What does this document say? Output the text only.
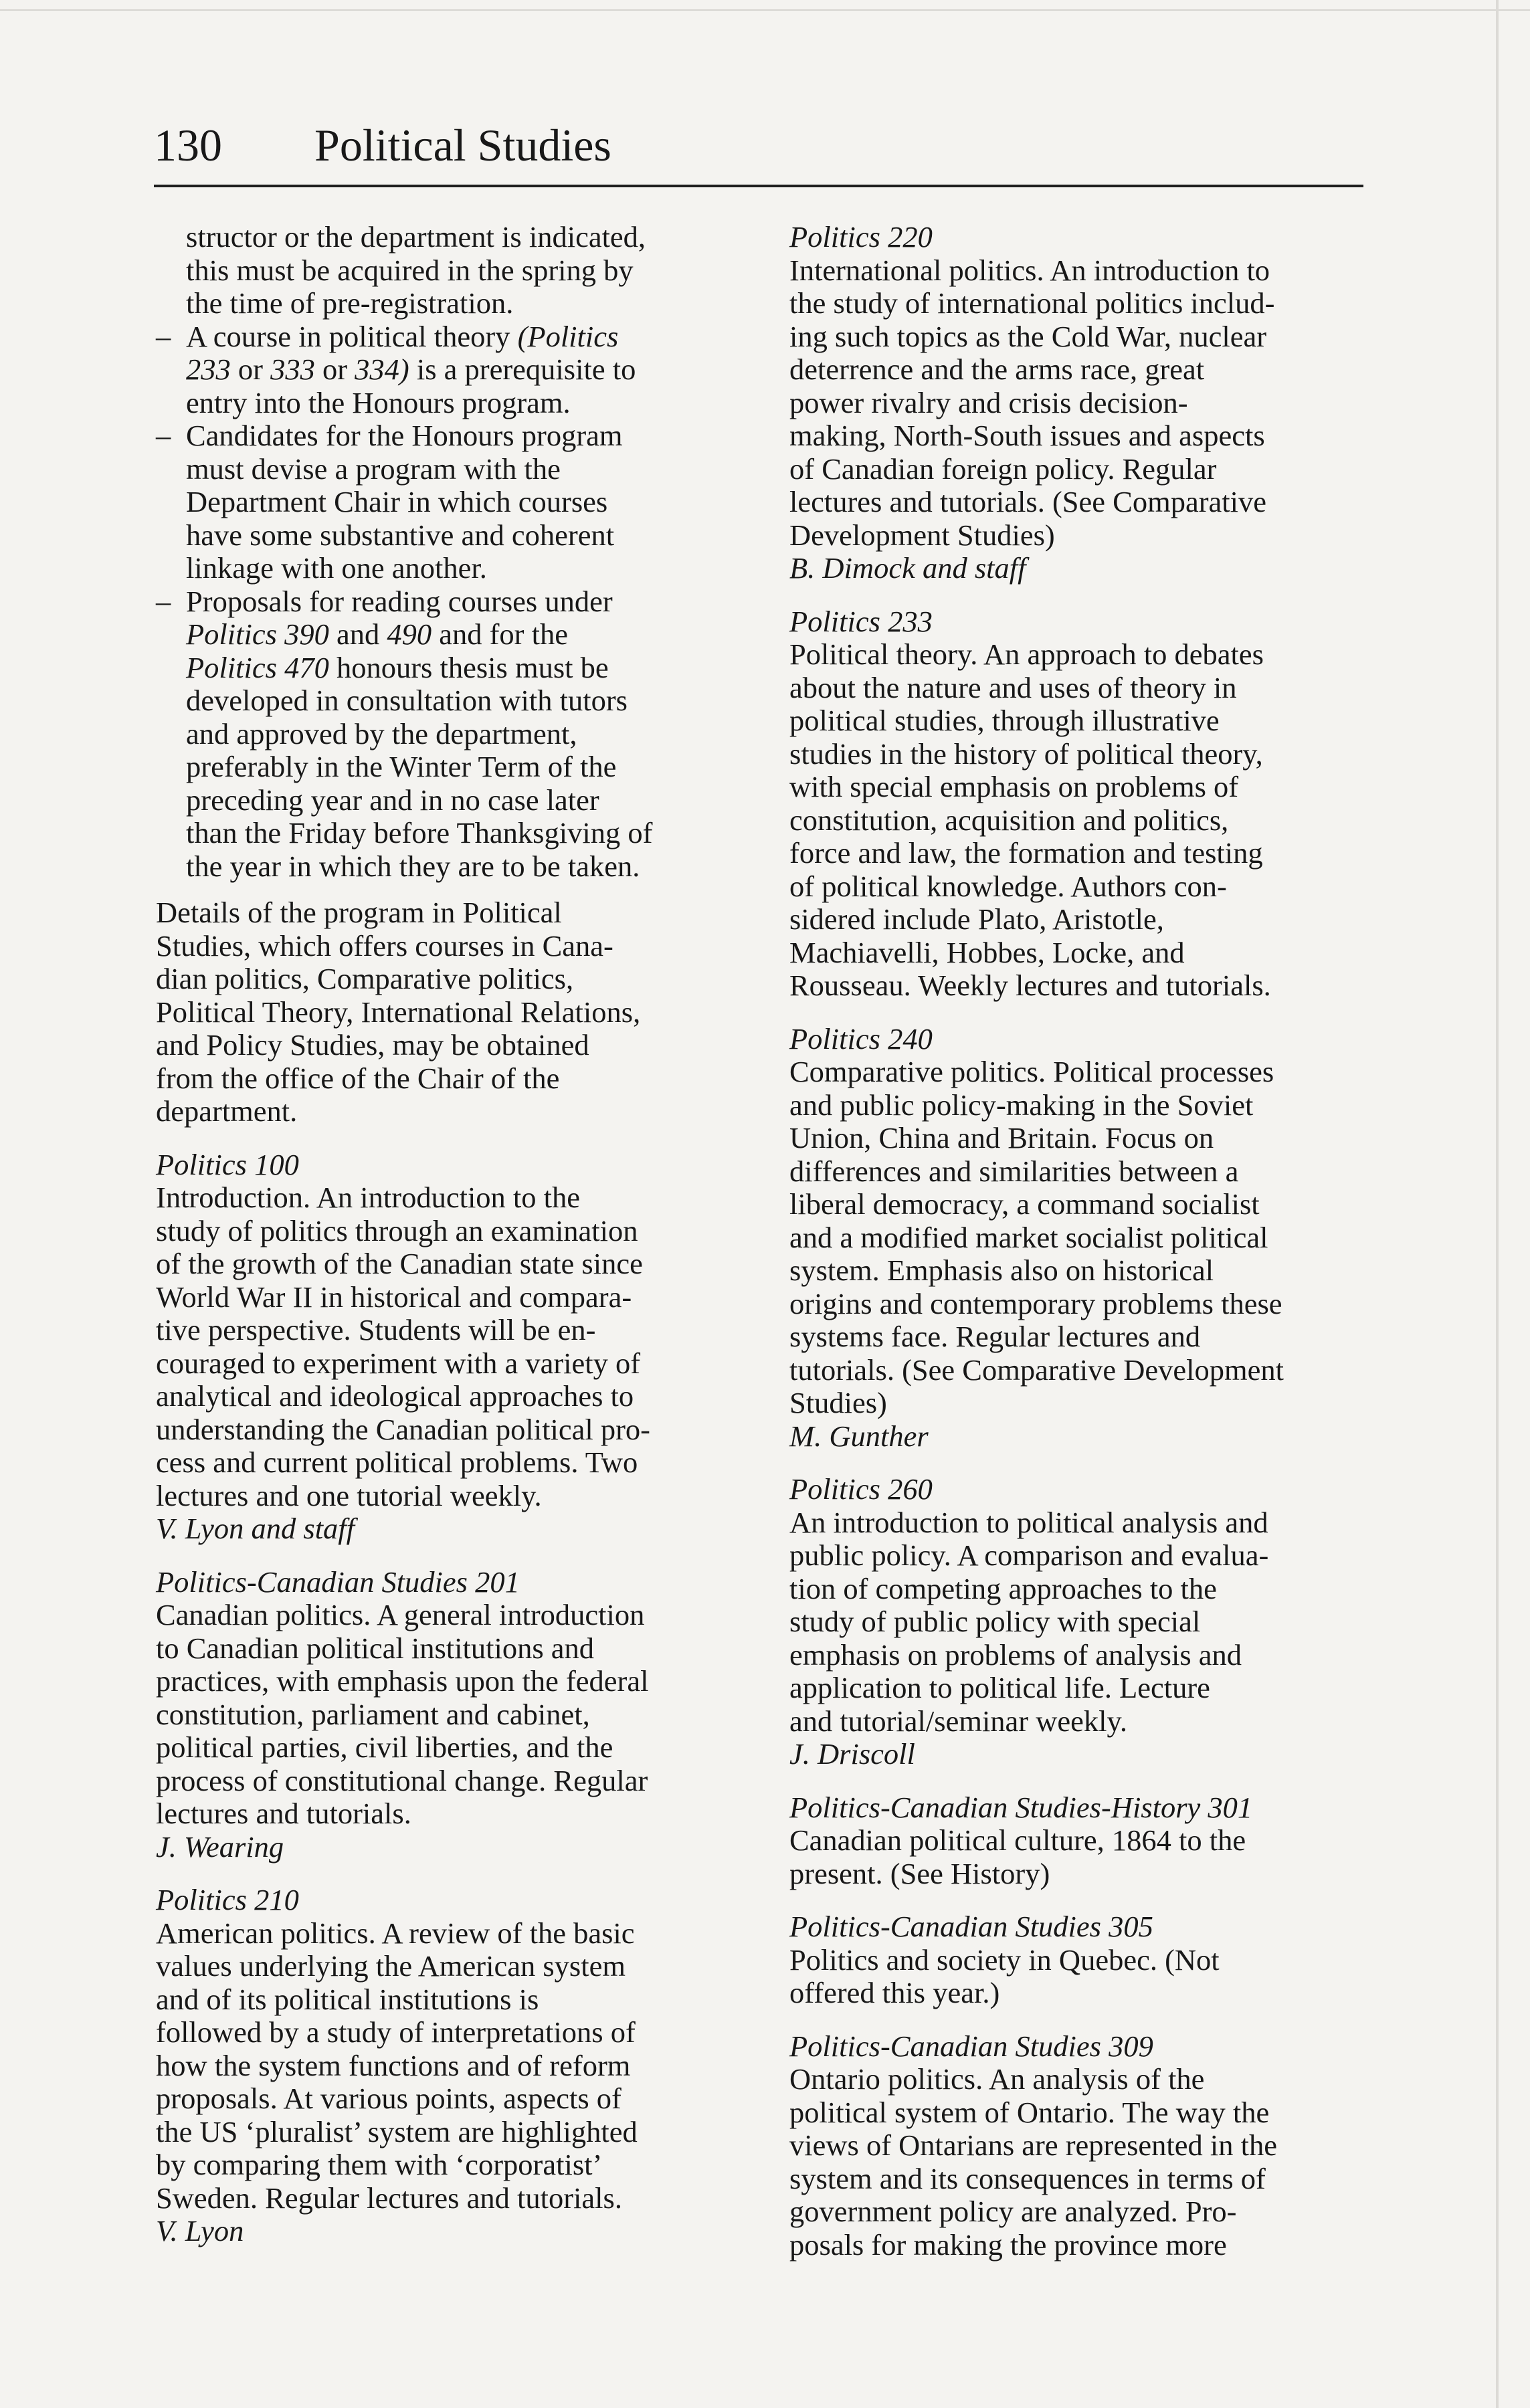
130 Political Studies
structor or the department is indicated,
this must be acquired in the spring by
the time of pre-registration.
– A course in political theory (Politics
233 or 333 or 334) is a prerequisite to
entry into the Honours program.
– Candidates for the Honours program
must devise a program with the
Department Chair in which courses
have some substantive and coherent
linkage with one another.
– Proposals for reading courses under
Politics 390 and 490 and for the
Politics 470 honours thesis must be
developed in consultation with tutors
and approved by the department,
preferably in the Winter Term of the
preceding year and in no case later
than the Friday before Thanksgiving of
the year in which they are to be taken.
Details of the program in Political
Studies, which offers courses in Cana-
dian politics, Comparative politics,
Political Theory, International Relations,
and Policy Studies, may be obtained
from the office of the Chair of the
department.
Politics 100
Introduction. An introduction to the
study of politics through an examination
of the growth of the Canadian state since
World War II in historical and compara-
tive perspective. Students will be en-
couraged to experiment with a variety of
analytical and ideological approaches to
understanding the Canadian political pro-
cess and current political problems. Two
lectures and one tutorial weekly.
V. Lyon and staff
Politics-Canadian Studies 201
Canadian politics. A general introduction
to Canadian political institutions and
practices, with emphasis upon the federal
constitution, parliament and cabinet,
political parties, civil liberties, and the
process of constitutional change. Regular
lectures and tutorials.
J. Wearing
Politics 210
American politics. A review of the basic
values underlying the American system
and of its political institutions is
followed by a study of interpretations of
how the system functions and of reform
proposals. At various points, aspects of
the US ‘pluralist’ system are highlighted
by comparing them with ‘corporatist’
Sweden. Regular lectures and tutorials.
V. Lyon
Politics 220
International politics. An introduction to
the study of international politics includ-
ing such topics as the Cold War, nuclear
deterrence and the arms race, great
power rivalry and crisis decision-
making, North-South issues and aspects
of Canadian foreign policy. Regular
lectures and tutorials. (See Comparative
Development Studies)
B. Dimock and staff
Politics 233
Political theory. An approach to debates
about the nature and uses of theory in
political studies, through illustrative
studies in the history of political theory,
with special emphasis on problems of
constitution, acquisition and politics,
force and law, the formation and testing
of political knowledge. Authors con-
sidered include Plato, Aristotle,
Machiavelli, Hobbes, Locke, and
Rousseau. Weekly lectures and tutorials.
Politics 240
Comparative politics. Political processes
and public policy-making in the Soviet
Union, China and Britain. Focus on
differences and similarities between a
liberal democracy, a command socialist
and a modified market socialist political
system. Emphasis also on historical
origins and contemporary problems these
systems face. Regular lectures and
tutorials. (See Comparative Development
Studies)
M. Gunther
Politics 260
An introduction to political analysis and
public policy. A comparison and evalua-
tion of competing approaches to the
study of public policy with special
emphasis on problems of analysis and
application to political life. Lecture
and tutorial/seminar weekly.
J. Driscoll
Politics-Canadian Studies-History 301
Canadian political culture, 1864 to the
present. (See History)
Politics-Canadian Studies 305
Politics and society in Quebec. (Not
offered this year.)
Politics-Canadian Studies 309
Ontario politics. An analysis of the
political system of Ontario. The way the
views of Ontarians are represented in the
system and its consequences in terms of
government policy are analyzed. Pro-
posals for making the province more
